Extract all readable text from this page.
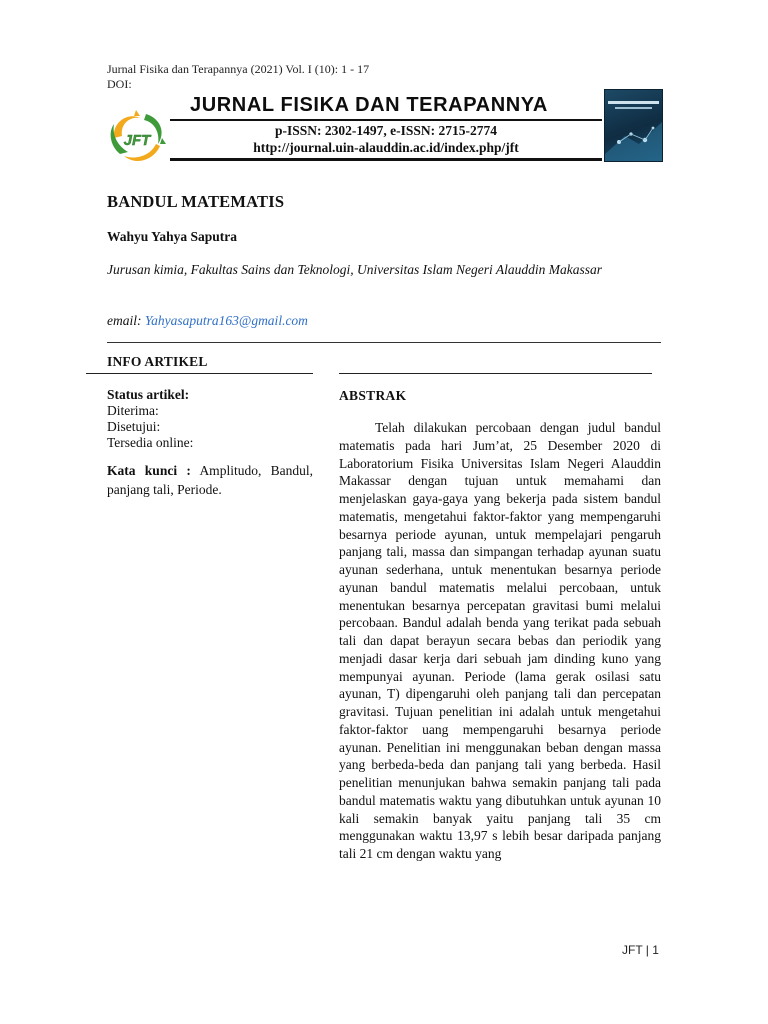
Jurnal Fisika dan Terapannya (2021) Vol. I (10): 1 - 17
DOI:
JFT
JURNAL FISIKA DAN TERAPANNYA
p-ISSN: 2302-1497, e-ISSN: 2715-2774
http://journal.uin-alauddin.ac.id/index.php/jft
BANDUL MATEMATIS
Wahyu Yahya Saputra
Jurusan kimia, Fakultas Sains dan Teknologi, Universitas Islam Negeri Alauddin Makassar
email: Yahyasaputra163@gmail.com
INFO ARTIKEL
Status artikel:
Diterima:
Disetujui:
Tersedia online:
Kata kunci : Amplitudo, Bandul, panjang tali, Periode.
ABSTRAK
Telah dilakukan percobaan dengan judul bandul matematis pada hari Jum’at, 25 Desember 2020 di Laboratorium Fisika Universitas Islam Negeri Alauddin Makassar dengan tujuan untuk memahami dan menjelaskan gaya-gaya yang bekerja pada sistem bandul matematis, mengetahui faktor-faktor yang mempengaruhi besarnya periode ayunan, untuk mempelajari pengaruh panjang tali, massa dan simpangan terhadap ayunan suatu ayunan sederhana, untuk menentukan besarnya periode ayunan bandul matematis melalui percobaan, untuk menentukan besarnya percepatan gravitasi bumi melalui percobaan. Bandul adalah benda yang terikat pada sebuah tali dan dapat berayun secara bebas dan periodik yang menjadi dasar kerja dari sebuah jam dinding kuno yang mempunyai ayunan. Periode (lama gerak osilasi satu ayunan, T) dipengaruhi oleh panjang tali dan percepatan gravitasi. Tujuan penelitian ini adalah untuk mengetahui faktor-faktor uang mempengaruhi besarnya periode ayunan. Penelitian ini menggunakan beban dengan massa yang berbeda-beda dan panjang tali yang berbeda. Hasil penelitian menunjukan bahwa semakin panjang tali pada bandul matematis waktu yang dibutuhkan untuk ayunan 10 kali semakin banyak yaitu panjang tali 35 cm menggunakan waktu 13,97 s lebih besar daripada panjang tali 21 cm dengan waktu yang
JFT | 1
